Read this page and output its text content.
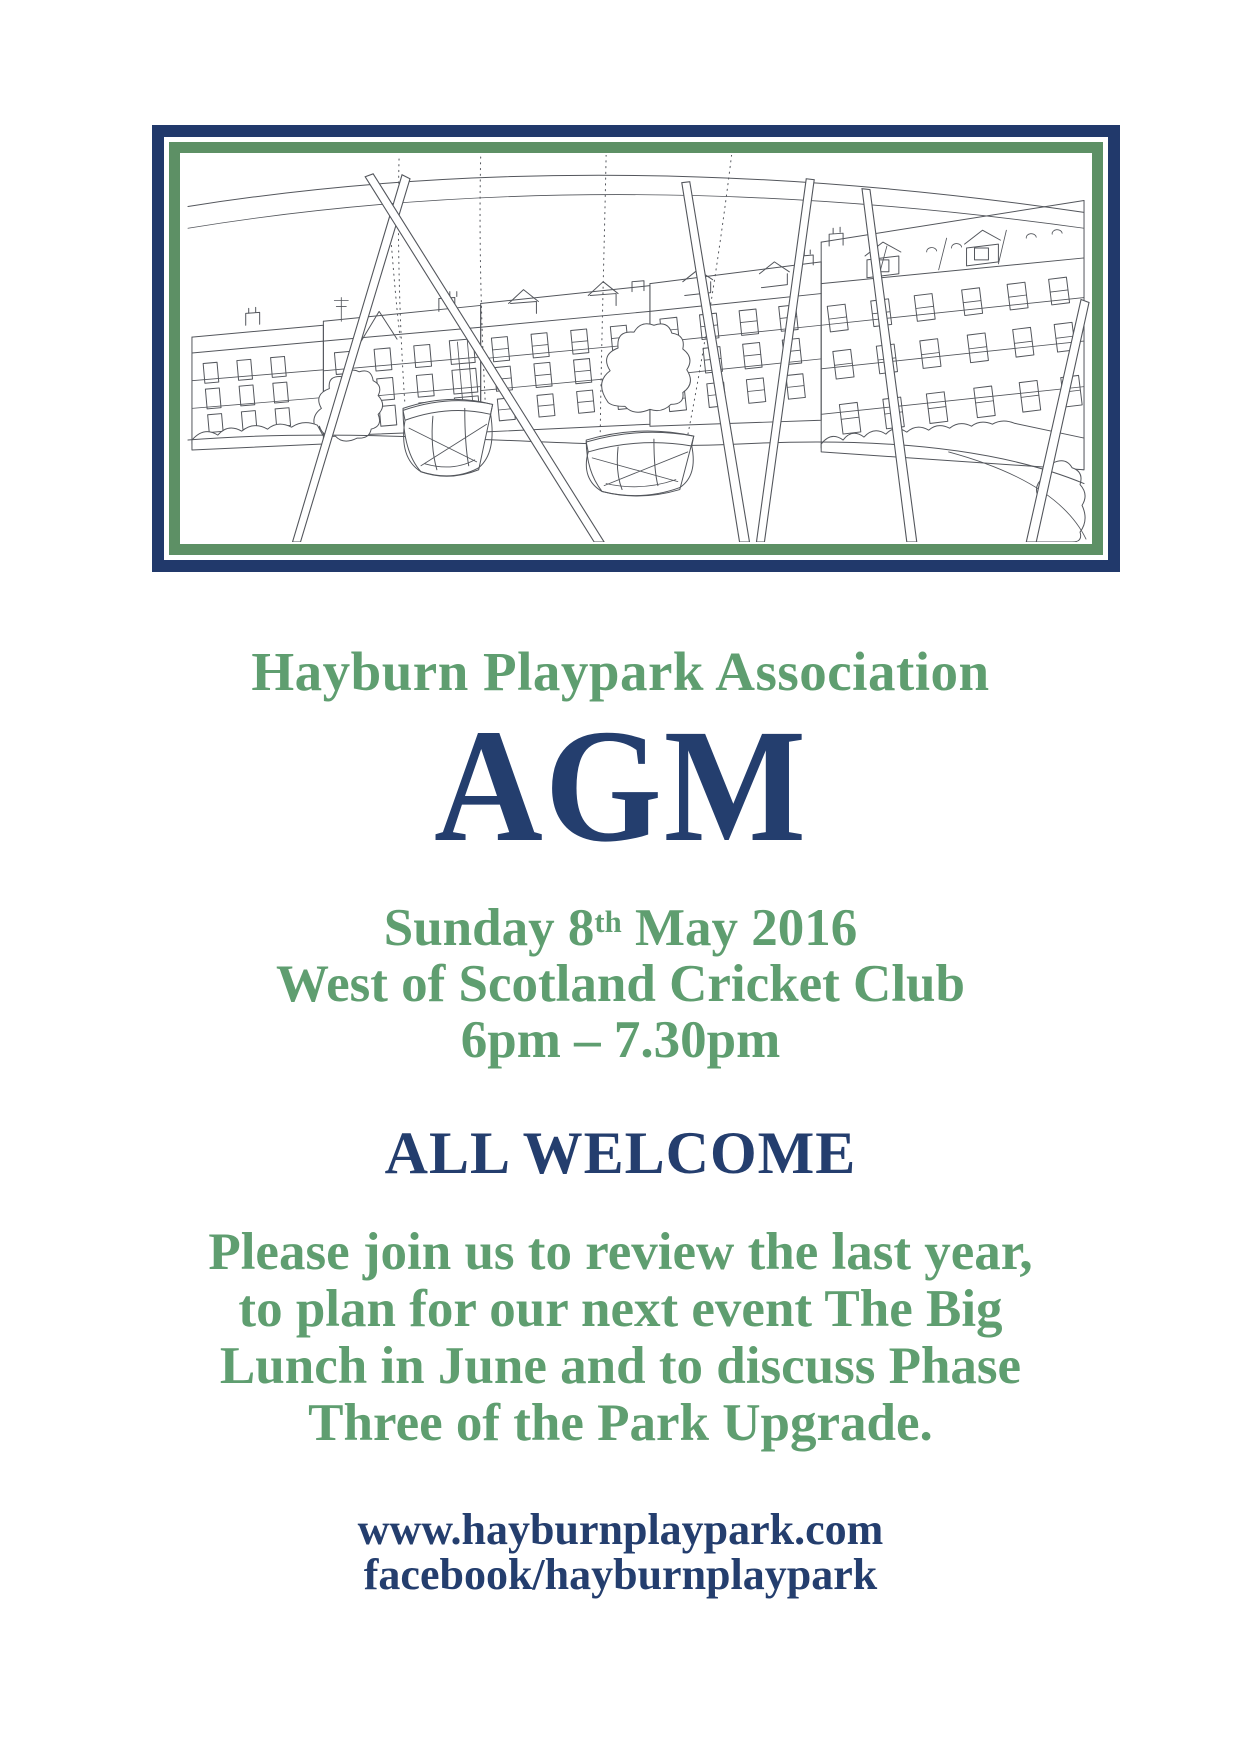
Hayburn Playpark Association
AGM
Sunday 8th May 2016
West of Scotland Cricket Club
6pm – 7.30pm
ALL WELCOME
Please join us to review the last year,
to plan for our next event The Big
Lunch in June and to discuss Phase
Three of the Park Upgrade.
www.hayburnplaypark.com
facebook/hayburnplaypark
